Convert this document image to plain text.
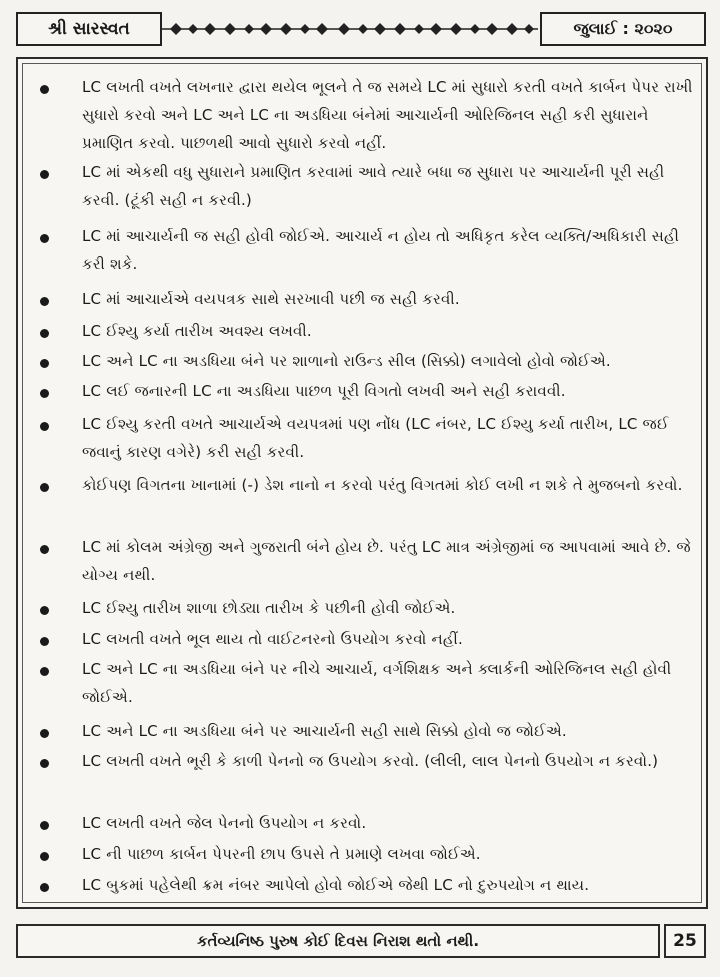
શ્રી સારસ્વત	જુલાઈ : ૨૦૨૦
LC લખતી વખતે લખનાર દ્વારા થયેલ ભૂલને તે જ સમયે LC માં સુધારો કરતી વખતે કાર્બન પેપર રાખી સુધારો કરવો અને LC અને LC ના અડધિયા બંનેમાં આચાર્યની ઓરિજિનલ સહી કરી સુધારાને પ્રમાણિત કરવો. પાછળથી આવો સુધારો કરવો નહીં.
LC માં એકથી વધુ સુધારાને પ્રમાણિત કરવામાં આવે ત્યારે બધા જ સુધારા પર આચાર્યની પૂરી સહી કરવી. (ટૂંકી સહી ન કરવી.)
LC માં આચાર્યની જ સહી હોવી જોઈએ. આચાર્ય ન હોય તો અધિકૃત કરેલ વ્યક્તિ/અધિકારી સહી કરી શકે.
LC માં આચાર્યએ વયપત્રક સાથે સરખાવી પછી જ સહી કરવી.
LC ઈશ્યુ કર્યા તારીખ અવશ્ય લખવી.
LC અને LC ના અડધિયા બંને પર શાળાનો રાઉન્ડ સીલ (સિક્કો) લગાવેલો હોવો જોઈએ.
LC લઈ જનારની LC ના અડધિયા પાછળ પૂરી વિગતો લખવી અને સહી કરાવવી.
LC ઈશ્યુ કરતી વખતે આચાર્યએ વયપત્રમાં પણ નોંધ (LC નંબર, LC ઈશ્યુ કર્યા તારીખ, LC જઈ જવાનું કારણ વગેરે) કરી સહી કરવી.
કોઈપણ વિગતના ખાનામાં (-) ડેશ નાનો ન કરવો પરંતુ વિગતમાં કોઈ લખી ન શકે તે મુજબનો કરવો.
LC માં કોલમ અંગ્રેજી અને ગુજરાતી બંને હોય છે. પરંતુ LC માત્ર અંગ્રેજીમાં જ આપવામાં આવે છે. જે યોગ્ય નથી.
LC ઈશ્યુ તારીખ શાળા છોડ્યા તારીખ કે પછીની હોવી જોઈએ.
LC લખતી વખતે ભૂલ થાય તો વાઈટનરનો ઉપયોગ કરવો નહીં.
LC અને LC ના અડધિયા બંને પર નીચે આચાર્ય, વર્ગશિક્ષક અને ક્લાર્કની ઓરિજિનલ સહી હોવી જોઈએ.
LC અને LC ના અડધિયા બંને પર આચાર્યની સહી સાથે સિક્કો હોવો જ જોઈએ.
LC લખતી વખતે ભૂરી કે કાળી પેનનો જ ઉપયોગ કરવો. (લીલી, લાલ પેનનો ઉપયોગ ન કરવો.)
LC લખતી વખતે જેલ પેનનો ઉપયોગ ન કરવો.
LC ની પાછળ કાર્બન પેપરની છાપ ઉપસે તે પ્રમાણે લખવા જોઈએ.
LC બુકમાં પહેલેથી ક્રમ નંબર આપેલો હોવો જોઈએ જેથી LC નો દુરુપયોગ ન થાય.
કર્તવ્યનિષ્ઠ પુરુષ કોઈ દિવસ નિરાશ થતો નથી.	25
